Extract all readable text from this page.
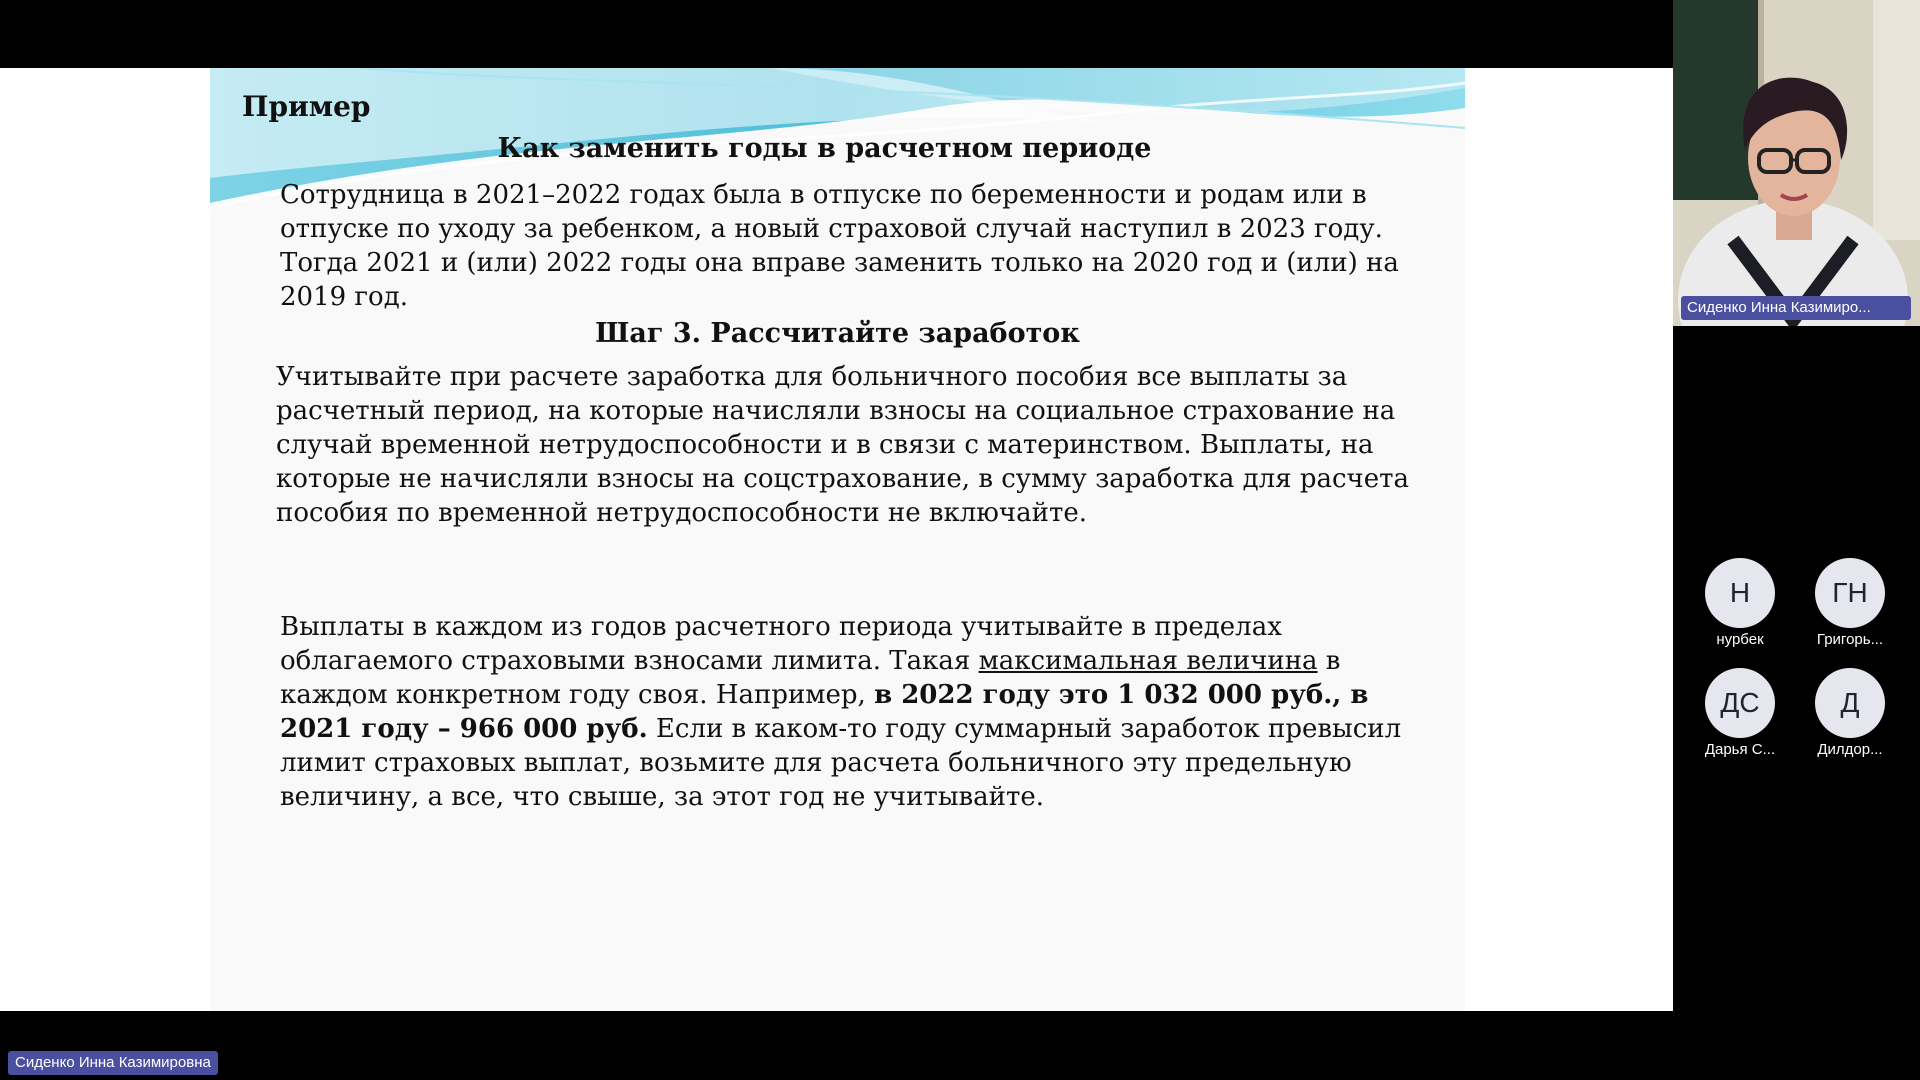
Пример
Как заменить годы в расчетном периоде
Сотрудница в 2021–2022 годах была в отпуске по беременности и родам или в отпуске по уходу за ребенком, а новый страховой случай наступил в 2023 году. Тогда 2021 и (или) 2022 годы она вправе заменить только на 2020 год и (или) на 2019 год.
Шаг 3. Рассчитайте заработок
Учитывайте при расчете заработка для больничного пособия все выплаты за расчетный период, на которые начисляли взносы на социальное страхование на случай временной нетрудоспособности и в связи с материнством. Выплаты, на которые не начисляли взносы на соцстрахование, в сумму заработка для расчета пособия по временной нетрудоспособности не включайте.
Выплаты в каждом из годов расчетного периода учитывайте в пределах облагаемого страховыми взносами лимита. Такая максимальная величина в каждом конкретном году своя. Например, в 2022 году это 1 032 000 руб., в 2021 году – 966 000 руб. Если в каком-то году суммарный заработок превысил лимит страховых выплат, возьмите для расчета больничного эту предельную величину, а все, что свыше, за этот год не учитывайте.
Сиденко Инна Казимиро...
Н
нурбек
ГН
Григорь...
ДС
Дарья С...
Д
Дилдор...
Сиденко Инна Казимировна
